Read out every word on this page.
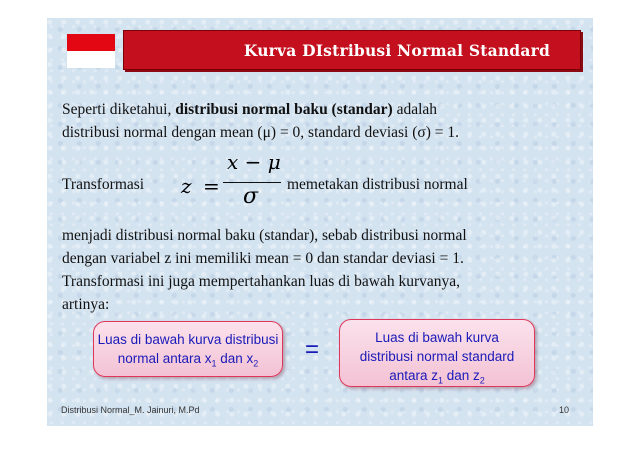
Kurva DIstribusi Normal Standard
Seperti diketahui, distribusi normal baku (standar) adalah
distribusi normal dengan mean (μ) = 0, standard deviasi (σ) = 1.
Transformasi z =
x − μ
σ memetakan distribusi normal
menjadi distribusi normal baku (standar), sebab distribusi normal
dengan variabel z ini memiliki mean = 0 dan standar deviasi = 1.
Transformasi ini juga mempertahankan luas di bawah kurvanya,
artinya:
Luas di bawah kurva distribusi
normal antara $x_1$ dan $x_2$
=	Luas di bawah kurva
distribusi normal standard
antara $z_1$ dan $z_2$
Distribusi Normal_M. Jainuri, M.Pd	10
